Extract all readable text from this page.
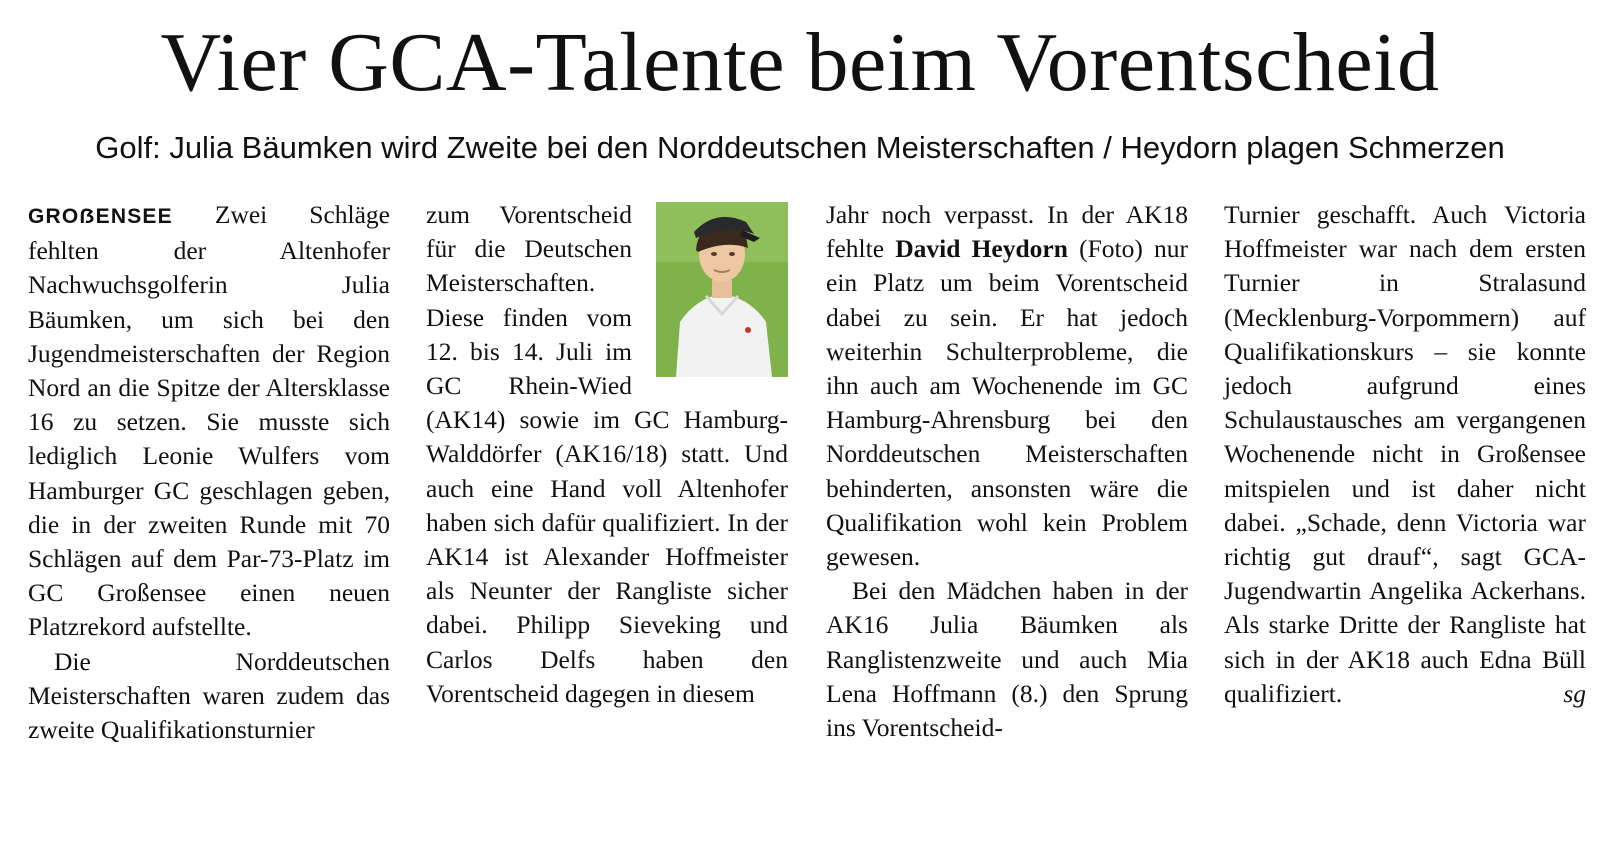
Vier GCA-Talente beim Vorentscheid
Golf: Julia Bäumken wird Zweite bei den Norddeutschen Meisterschaften / Heydorn plagen Schmerzen

GROẞENSEE Zwei Schläge fehlten der Altenhofer Nachwuchsgolferin Julia Bäumken, um sich bei den Jugendmeisterschaften der Region Nord an die Spitze der Altersklasse 16 zu setzen. Sie musste sich lediglich Leonie Wulfers vom Hamburger GC geschlagen geben, die in der zweiten Runde mit 70 Schlägen auf dem Par-73-Platz im GC Großensee einen neuen Platzrekord aufstellte.

Die Norddeutschen Meisterschaften waren zudem das zweite Qualifikationsturnier

zum Vorentscheid für die Deutschen Meisterschaften. Diese finden vom 12. bis 14. Juli im GC Rhein-Wied (AK14) sowie im GC Hamburg-Walddörfer (AK16/18) statt. Und auch eine Hand voll Altenhofer haben sich dafür qualifiziert. In der AK14 ist Alexander Hoffmeister als Neunter der Rangliste sicher dabei. Philipp Sieveking und Carlos Delfs haben den Vorentscheid dagegen in diesem

Jahr noch verpasst. In der AK18 fehlte David Heydorn (Foto) nur ein Platz um beim Vorentscheid dabei zu sein. Er hat jedoch weiterhin Schulterprobleme, die ihn auch am Wochenende im GC Hamburg-Ahrensburg bei den Norddeutschen Meisterschaften behinderten, ansonsten wäre die Qualifikation wohl kein Problem gewesen.

Bei den Mädchen haben in der AK16 Julia Bäumken als Ranglistenzweite und auch Mia Lena Hoffmann (8.) den Sprung ins Vorentscheid-

Turnier geschafft. Auch Victoria Hoffmeister war nach dem ersten Turnier in Stralasund (Mecklenburg-Vorpommern) auf Qualifikationskurs – sie konnte jedoch aufgrund eines Schulaustausches am vergangenen Wochenende nicht in Großensee mitspielen und ist daher nicht dabei. „Schade, denn Victoria war richtig gut drauf“, sagt GCA-Jugendwartin Angelika Ackerhans. Als starke Dritte der Rangliste hat sich in der AK18 auch Edna Büll qualifiziert.	sg
